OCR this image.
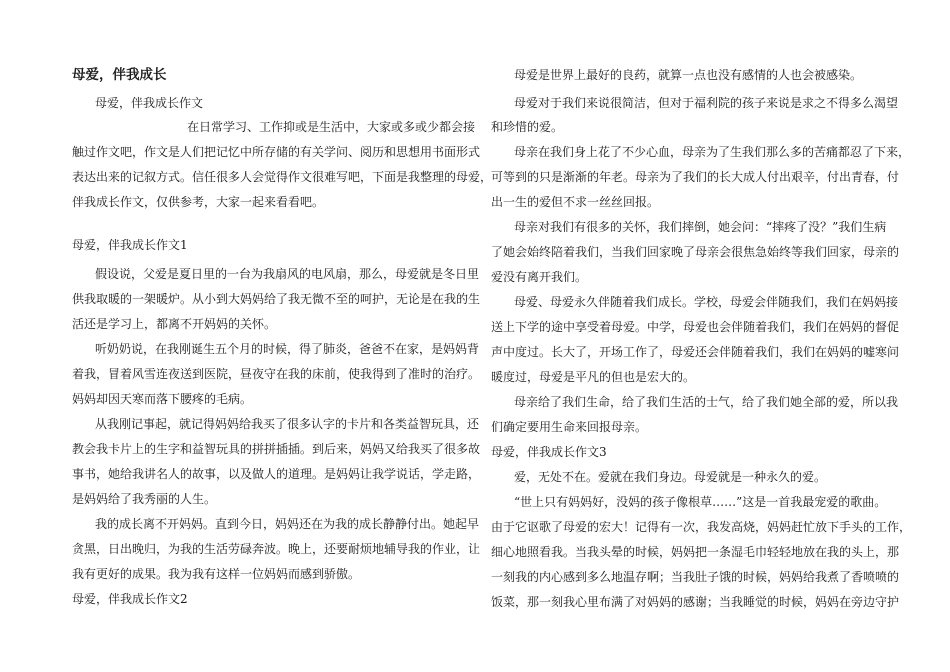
母爱，伴我成长
母爱，伴我成长作文
在日常学习、工作抑或是生活中，大家或多或少都会接
触过作文吧，作文是人们把记忆中所存储的有关学问、阅历和思想用书面形式
表达出来的记叙方式。信任很多人会觉得作文很难写吧，下面是我整理的母爱，
伴我成长作文，仅供参考，大家一起来看看吧。
母爱，伴我成长作文1
假设说，父爱是夏日里的一台为我扇风的电风扇，那么，母爱就是冬日里
供我取暖的一架暖炉。从小到大妈妈给了我无微不至的呵护，无论是在我的生
活还是学习上，都离不开妈妈的关怀。
听奶奶说，在我刚诞生五个月的时候，得了肺炎，爸爸不在家，是妈妈背
着我，冒着风雪连夜送到医院，昼夜守在我的床前，使我得到了准时的治疗。
妈妈却因天寒而落下腰疼的毛病。
从我刚记事起，就记得妈妈给我买了很多认字的卡片和各类益智玩具，还
教会我卡片上的生字和益智玩具的拼拼插插。到后来，妈妈又给我买了很多故
事书，她给我讲名人的故事，以及做人的道理。是妈妈让我学说话，学走路，
是妈妈给了我秀丽的人生。
我的成长离不开妈妈。直到今日，妈妈还在为我的成长静静付出。她起早
贪黑，日出晚归，为我的生活劳碌奔波。晚上，还要耐烦地辅导我的作业，让
我有更好的成果。我为我有这样一位妈妈而感到骄傲。
母爱，伴我成长作文2
母爱是世界上最好的良药，就算一点也没有感情的人也会被感染。
母爱对于我们来说很简洁，但对于福利院的孩子来说是求之不得多么渴望
和珍惜的爱。
母亲在我们身上花了不少心血，母亲为了生我们那么多的苦痛都忍了下来，
可等到的只是渐渐的年老。母亲为了我们的长大成人付出艰辛，付出青春，付
出一生的爱但不求一丝丝回报。
母亲对我们有很多的关怀，我们摔倒，她会问：“摔疼了没？”我们生病
了她会始终陪着我们，当我们回家晚了母亲会很焦急始终等我们回家，母亲的
爱没有离开我们。
母爱、母爱永久伴随着我们成长。学校，母爱会伴随我们，我们在妈妈接
送上下学的途中享受着母爱。中学，母爱也会伴随着我们，我们在妈妈的督促
声中度过。长大了，开场工作了，母爱还会伴随着我们，我们在妈妈的嘘寒问
暖度过，母爱是平凡的但也是宏大的。
母亲给了我们生命，给了我们生活的士气，给了我们她全部的爱，所以我
们确定要用生命来回报母亲。
母爱，伴我成长作文3
爱，无处不在。爱就在我们身边。母爱就是一种永久的爱。
“世上只有妈妈好，没妈的孩子像根草……”这是一首我最宠爱的歌曲。
由于它讴歌了母爱的宏大！记得有一次，我发高烧，妈妈赶忙放下手头的工作，
细心地照看我。当我头晕的时候，妈妈把一条湿毛巾轻轻地放在我的头上，那
一刻我的内心感到多么地温存啊；当我肚子饿的时候，妈妈给我煮了香喷喷的
饭菜，那一刻我心里布满了对妈妈的感谢；当我睡觉的时候，妈妈在旁边守护
